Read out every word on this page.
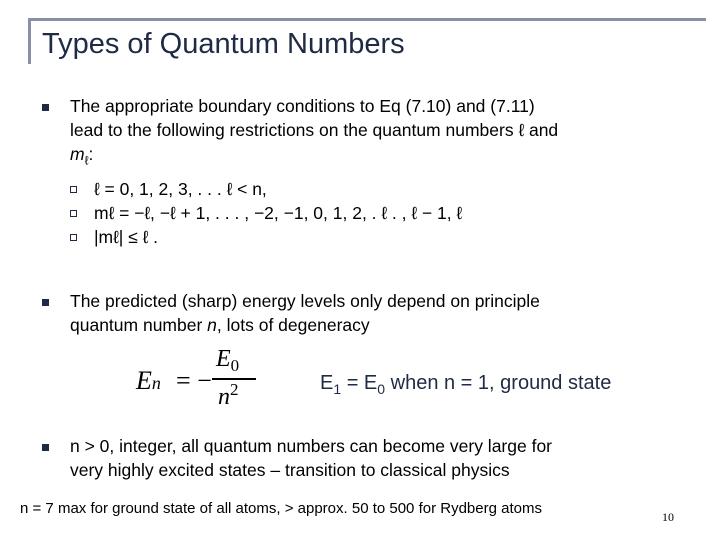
Types of Quantum Numbers
The appropriate boundary conditions to Eq (7.10) and (7.11)
lead to the following restrictions on the quantum numbers ℓ and
$m_\ell$:
ℓ = 0, 1, 2, 3, . . . ℓ < n,
mℓ = −ℓ, −ℓ + 1, . . . , −2, −1, 0, 1, 2, . ℓ . , ℓ − 1, ℓ
|mℓ| ≤ ℓ .
The predicted (sharp) energy levels only depend on principle
quantum number n, lots of degeneracy
En = −
$E_0$
$n^2$	$E_1 = E_0$ when n = 1, ground state
n > 0, integer, all quantum numbers can become very large for
very highly excited states – transition to classical physics
n = 7 max for ground state of all atoms, > approx. 50 to 500 for Rydberg atoms	10
